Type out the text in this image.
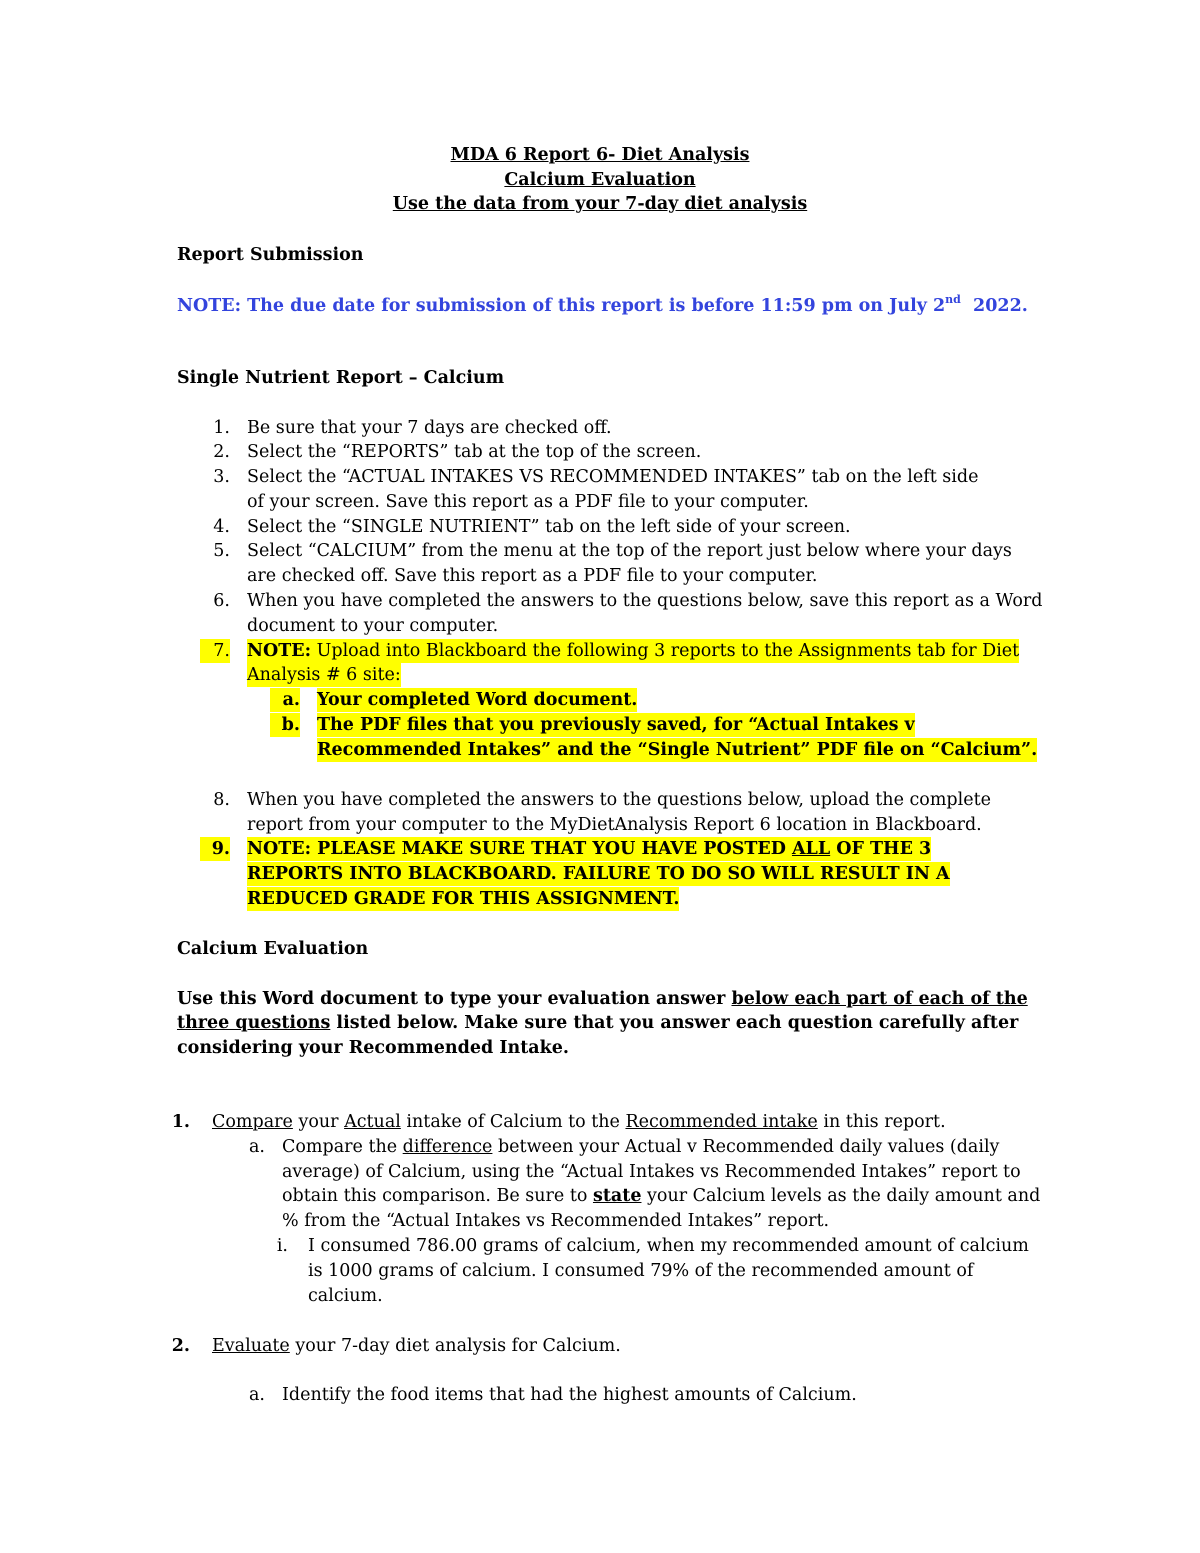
MDA 6 Report 6- Diet Analysis
Calcium Evaluation
Use the data from your 7-day diet analysis
Report Submission
NOTE: The due date for submission of this report is before 11:59 pm on July 2nd  2022.
Single Nutrient Report – Calcium
1. Be sure that your 7 days are checked off.
2. Select the “REPORTS” tab at the top of the screen.
3. Select the “ACTUAL INTAKES VS RECOMMENDED INTAKES” tab on the left side
of your screen. Save this report as a PDF file to your computer.
4. Select the “SINGLE NUTRIENT” tab on the left side of your screen.
5. Select “CALCIUM” from the menu at the top of the report just below where your days
are checked off. Save this report as a PDF file to your computer.
6. When you have completed the answers to the questions below, save this report as a Word
document to your computer.
7. NOTE: Upload into Blackboard the following 3 reports to the Assignments tab for Diet
Analysis # 6 site:
a. Your completed Word document.
b. The PDF files that you previously saved, for “Actual Intakes v
Recommended Intakes” and the “Single Nutrient” PDF file on “Calcium”.
8. When you have completed the answers to the questions below, upload the complete
report from your computer to the MyDietAnalysis Report 6 location in Blackboard.
9. NOTE: PLEASE MAKE SURE THAT YOU HAVE POSTED ALL OF THE 3
REPORTS INTO BLACKBOARD. FAILURE TO DO SO WILL RESULT IN A
REDUCED GRADE FOR THIS ASSIGNMENT.
Calcium Evaluation
Use this Word document to type your evaluation answer below each part of each of the
three questions listed below. Make sure that you answer each question carefully after
considering your Recommended Intake.
1. Compare your Actual intake of Calcium to the Recommended intake in this report.
a. Compare the difference between your Actual v Recommended daily values (daily
average) of Calcium, using the “Actual Intakes vs Recommended Intakes” report to
obtain this comparison. Be sure to state your Calcium levels as the daily amount and
% from the “Actual Intakes vs Recommended Intakes” report.
i. I consumed 786.00 grams of calcium, when my recommended amount of calcium
is 1000 grams of calcium. I consumed 79% of the recommended amount of
calcium.
2. Evaluate your 7-day diet analysis for Calcium.
a. Identify the food items that had the highest amounts of Calcium.
